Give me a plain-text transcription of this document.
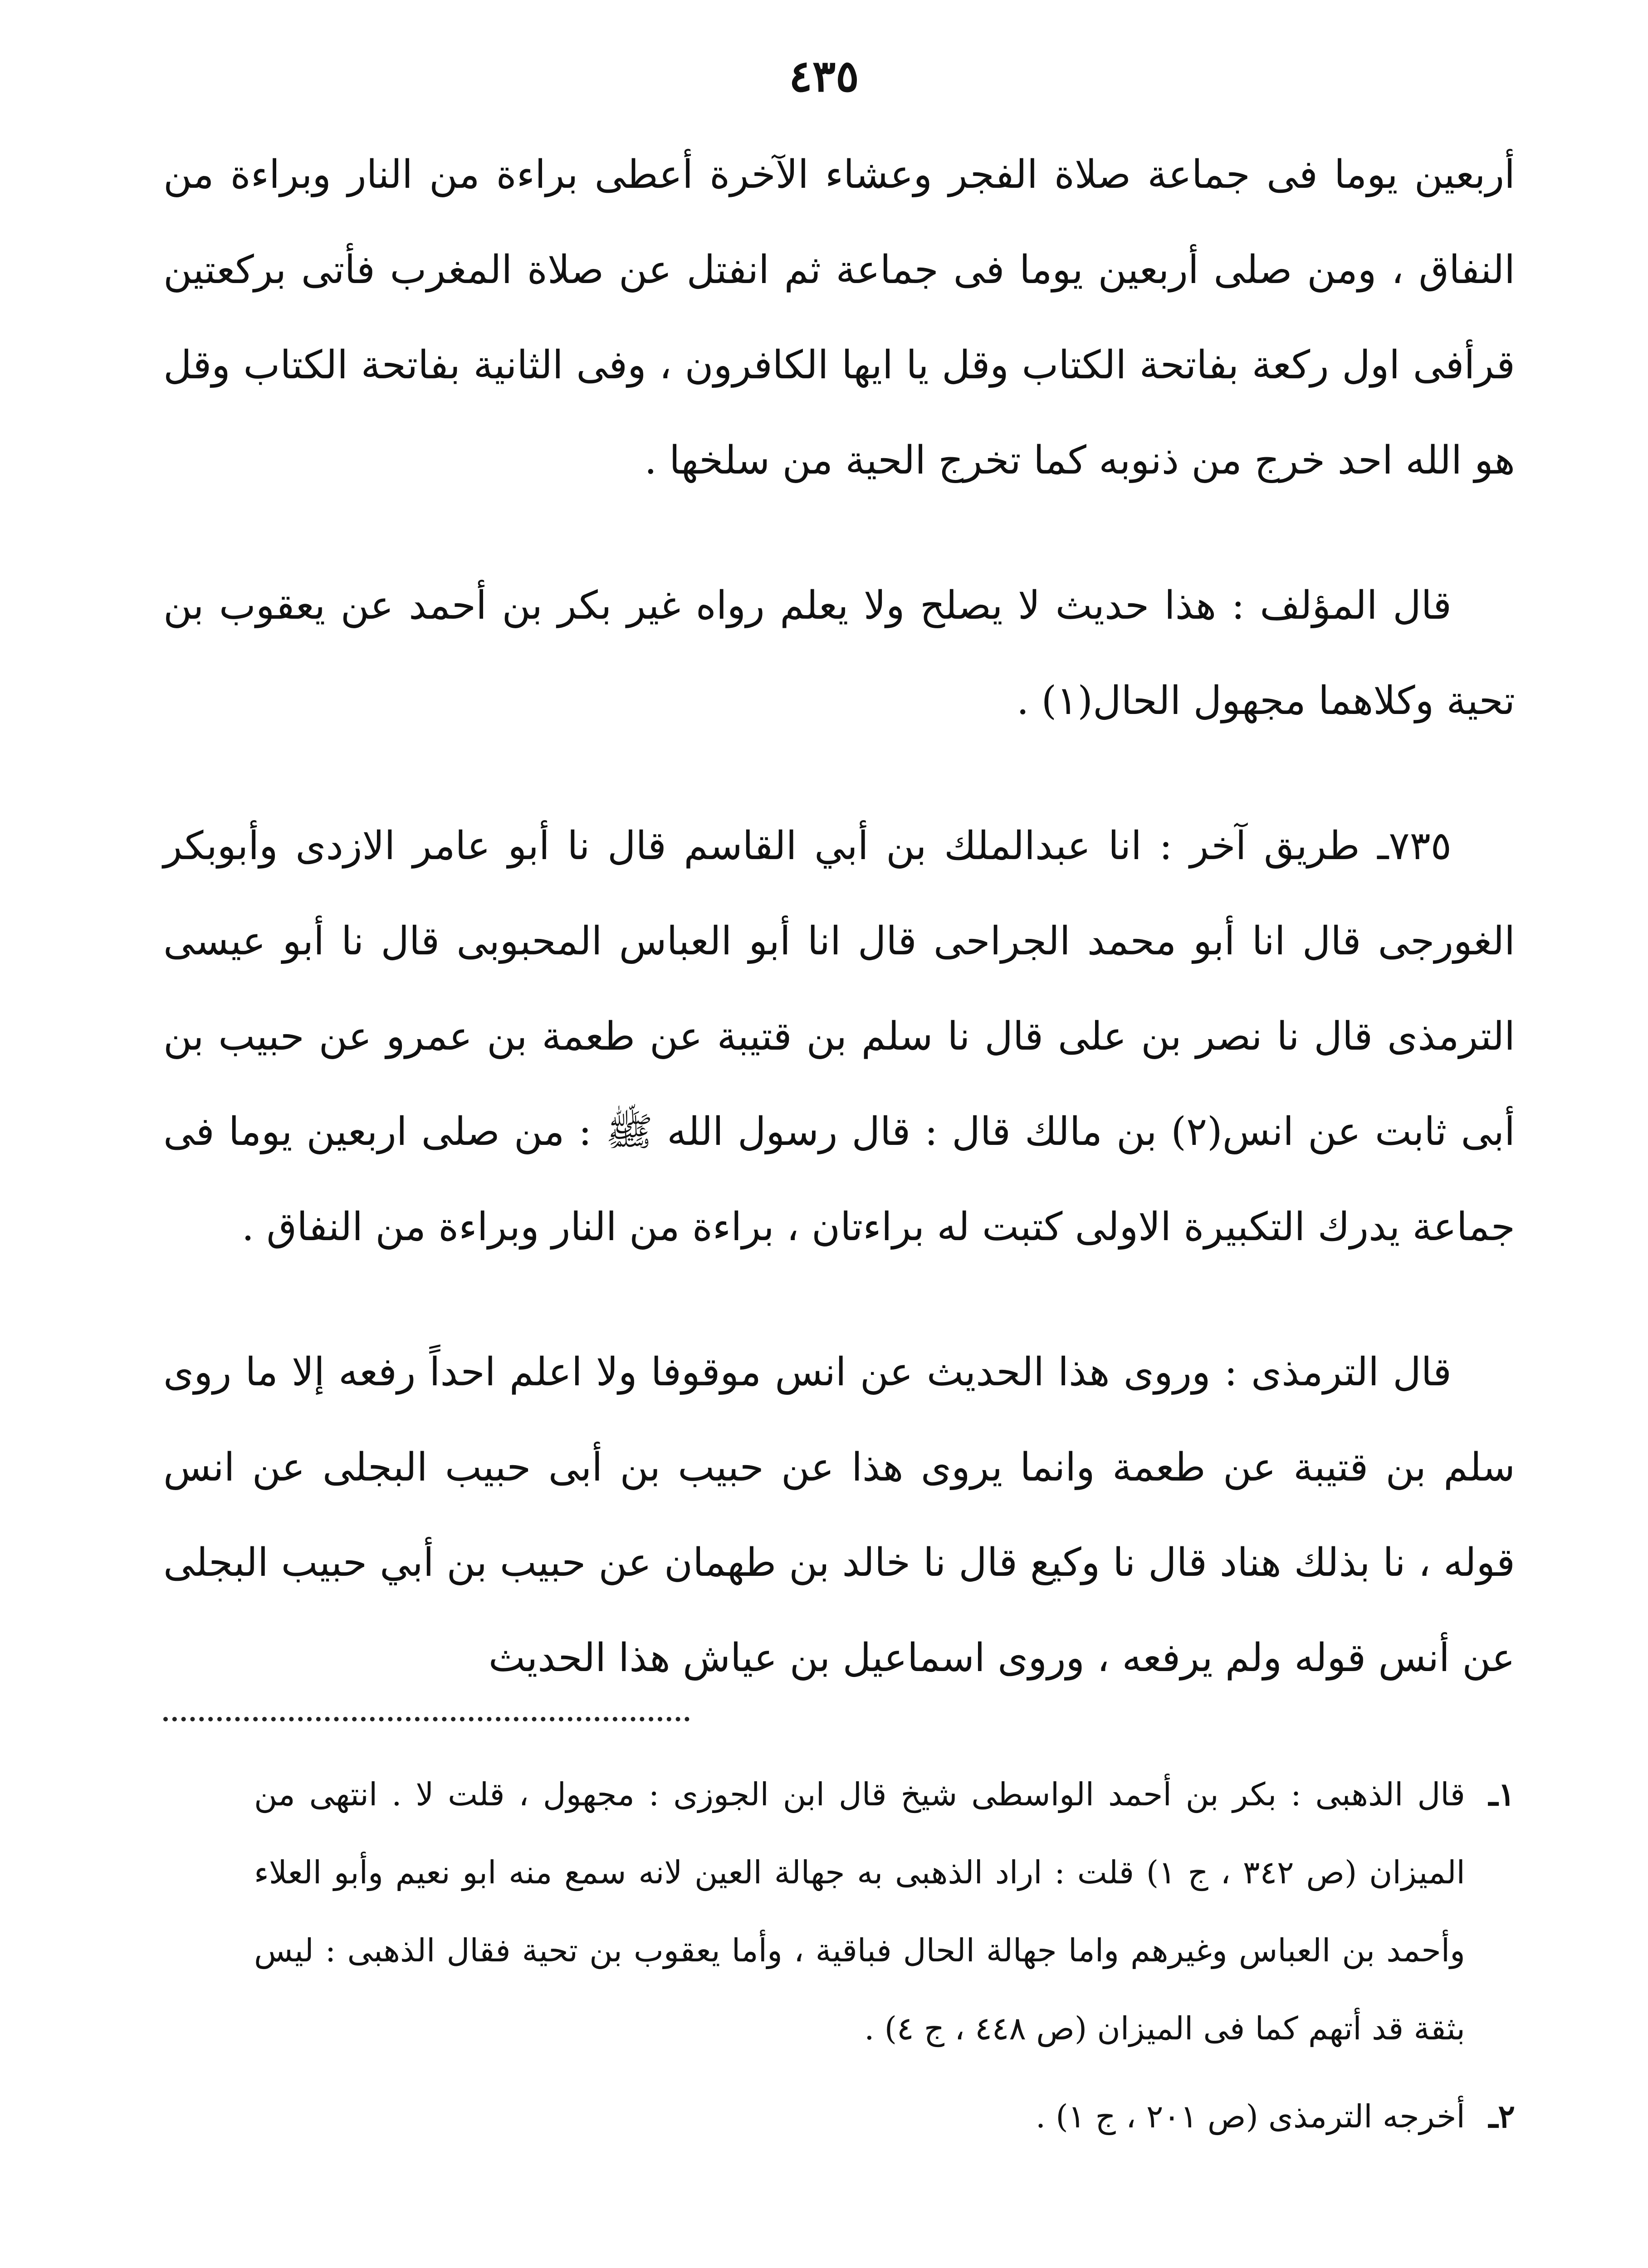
٤٣٥

أربعين يوما فى جماعة صلاة الفجر وعشاء الآخرة أعطى براءة من النار وبراءة من النفاق ، ومن صلى أربعين يوما فى جماعة ثم انفتل عن صلاة المغرب فأتى بركعتين قرأفى اول ركعة بفاتحة الكتاب وقل يا ايها الكافرون ، وفى الثانية بفاتحة الكتاب وقل هو الله احد خرج من ذنوبه كما تخرج الحية من سلخها .

قال المؤلف : هذا حديث لا يصلح ولا يعلم رواه غير بكر بن أحمد عن يعقوب بن تحية وكلاهما مجهول الحال(١) .

٧٣٥ـ طريق آخر : انا عبدالملك بن أبي القاسم قال نا أبو عامر الازدى وأبوبكر الغورجى قال انا أبو محمد الجراحى قال انا أبو العباس المحبوبى قال نا أبو عيسى الترمذى قال نا نصر بن على قال نا سلم بن قتيبة عن طعمة بن عمرو عن حبيب بن أبى ثابت عن انس(٢) بن مالك قال : قال رسول الله ﷺ : من صلى اربعين يوما فى جماعة يدرك التكبيرة الاولى كتبت له براءتان ، براءة من النار وبراءة من النفاق .

قال الترمذى : وروى هذا الحديث عن انس موقوفا ولا اعلم احداً رفعه إلا ما روى سلم بن قتيبة عن طعمة وانما يروى هذا عن حبيب بن أبى حبيب البجلى عن انس قوله ، نا بذلك هناد قال نا وكيع قال نا خالد بن طهمان عن حبيب بن أبي حبيب البجلى عن أنس قوله ولم يرفعه ، وروى اسماعيل بن عياش هذا الحديث

١ـ
قال الذهبى : بكر بن أحمد الواسطى شيخ قال ابن الجوزى : مجهول ، قلت لا . انتهى من الميزان (ص ٣٤٢ ، ج ١) قلت : اراد الذهبى به جهالة العين لانه سمع منه ابو نعيم وأبو العلاء وأحمد بن العباس وغيرهم واما جهالة الحال فباقية ، وأما يعقوب بن تحية فقال الذهبى : ليس بثقة قد أتهم كما فى الميزان (ص ٤٤٨ ، ج ٤) .
٢ـ
أخرجه الترمذى (ص ٢٠١ ، ج ١) .
